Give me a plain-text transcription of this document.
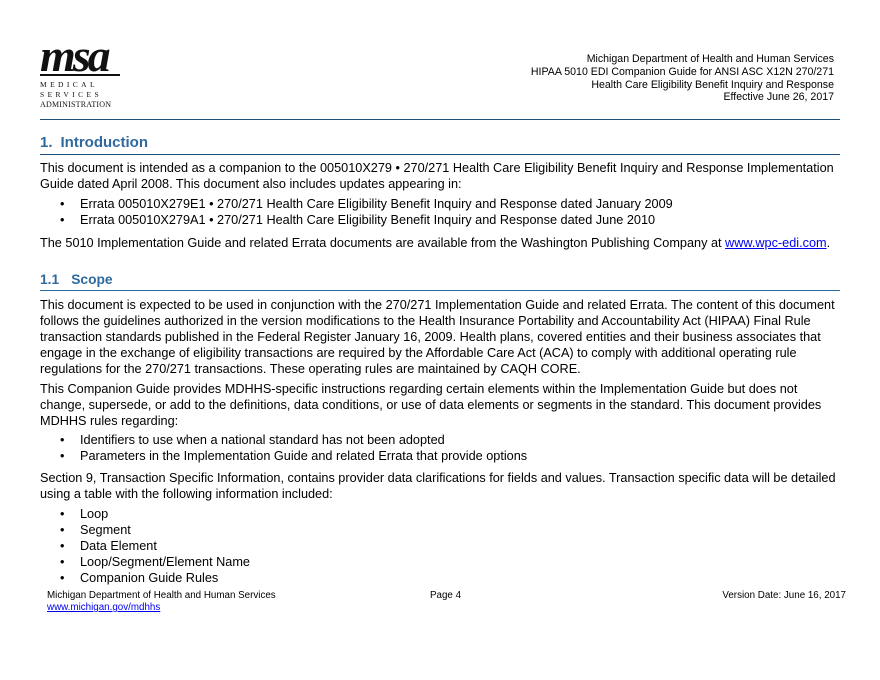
msa
MEDICAL
SERVICES
ADMINISTRATION
Michigan Department of Health and Human Services
HIPAA 5010 EDI Companion Guide for ANSI ASC X12N 270/271
Health Care Eligibility Benefit Inquiry and Response
Effective June 26, 2017
1. Introduction
This document is intended as a companion to the 005010X279 • 270/271 Health Care Eligibility Benefit Inquiry and Response Implementation Guide dated April 2008. This document also includes updates appearing in:
• Errata 005010X279E1 • 270/271 Health Care Eligibility Benefit Inquiry and Response dated January 2009
• Errata 005010X279A1 • 270/271 Health Care Eligibility Benefit Inquiry and Response dated June 2010
The 5010 Implementation Guide and related Errata documents are available from the Washington Publishing Company at www.wpc-edi.com.
1.1 Scope
This document is expected to be used in conjunction with the 270/271 Implementation Guide and related Errata. The content of this document follows the guidelines authorized in the version modifications to the Health Insurance Portability and Accountability Act (HIPAA) Final Rule transaction standards published in the Federal Register January 16, 2009. Health plans, covered entities and their business associates that engage in the exchange of eligibility transactions are required by the Affordable Care Act (ACA) to comply with additional operating rule regulations for the 270/271 transactions. These operating rules are maintained by CAQH CORE.
This Companion Guide provides MDHHS-specific instructions regarding certain elements within the Implementation Guide but does not change, supersede, or add to the definitions, data conditions, or use of data elements or segments in the standard. This document provides MDHHS rules regarding:
• Identifiers to use when a national standard has not been adopted
• Parameters in the Implementation Guide and related Errata that provide options
Section 9, Transaction Specific Information, contains provider data clarifications for fields and values. Transaction specific data will be detailed using a table with the following information included:
• Loop
• Segment
• Data Element
• Loop/Segment/Element Name
• Companion Guide Rules
Michigan Department of Health and Human Services
www.michigan.gov/mdhhs
Page 4	Version Date: June 16, 2017
